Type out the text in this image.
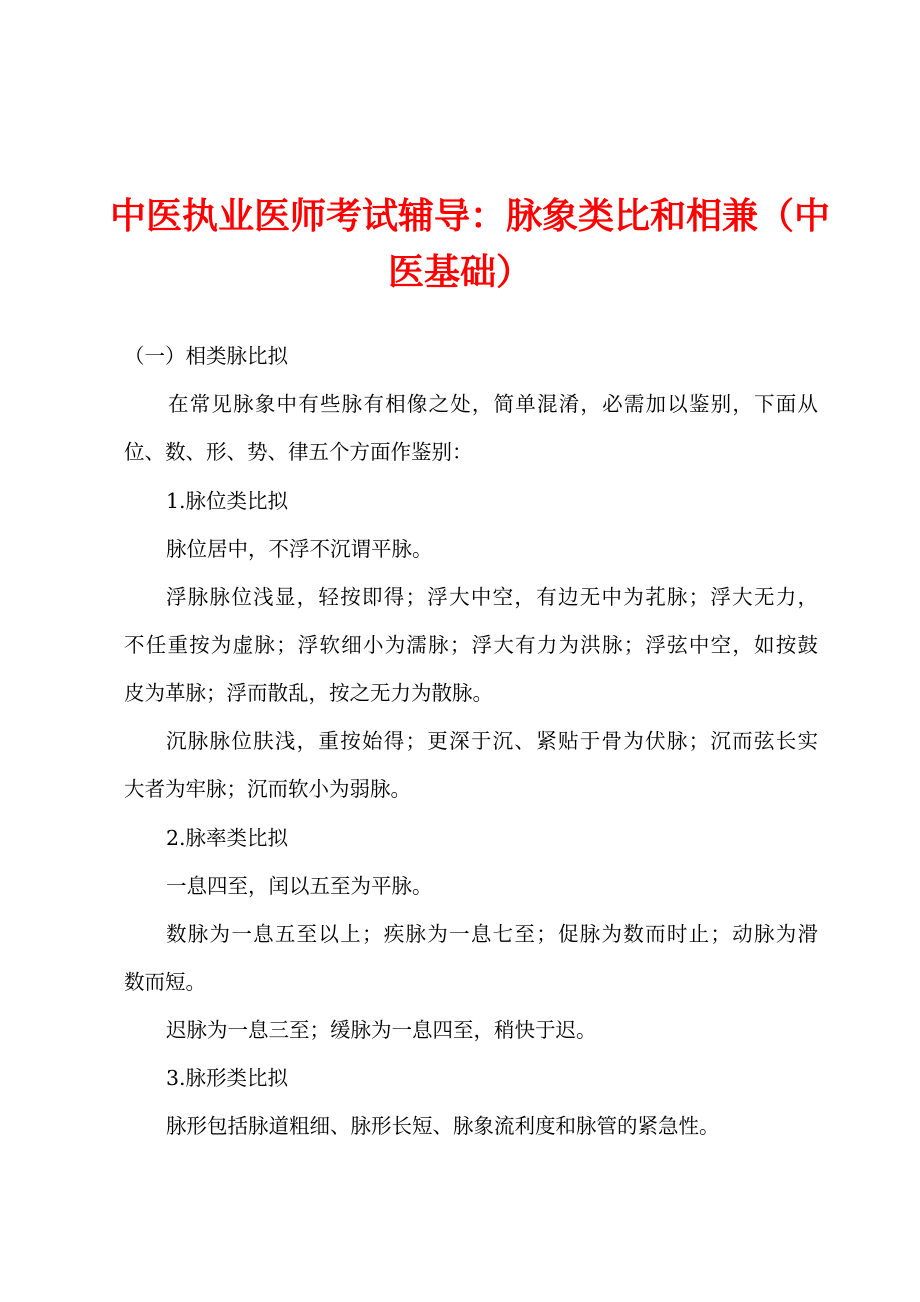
中医执业医师考试辅导：脉象类比和相兼（中
医基础）
（一）相类脉比拟
在常见脉象中有些脉有相像之处，简单混淆，必需加以鉴别，下面从
位、数、形、势、律五个方面作鉴别：
1.脉位类比拟
脉位居中，不浮不沉谓平脉。
浮脉脉位浅显，轻按即得；浮大中空，有边无中为芤脉；浮大无力，
不任重按为虚脉；浮软细小为濡脉；浮大有力为洪脉；浮弦中空，如按鼓
皮为革脉；浮而散乱，按之无力为散脉。
沉脉脉位肤浅，重按始得；更深于沉、紧贴于骨为伏脉；沉而弦长实
大者为牢脉；沉而软小为弱脉。
2.脉率类比拟
一息四至，闰以五至为平脉。
数脉为一息五至以上；疾脉为一息七至；促脉为数而时止；动脉为滑
数而短。
迟脉为一息三至；缓脉为一息四至，稍快于迟。
3.脉形类比拟
脉形包括脉道粗细、脉形长短、脉象流利度和脉管的紧急性。
